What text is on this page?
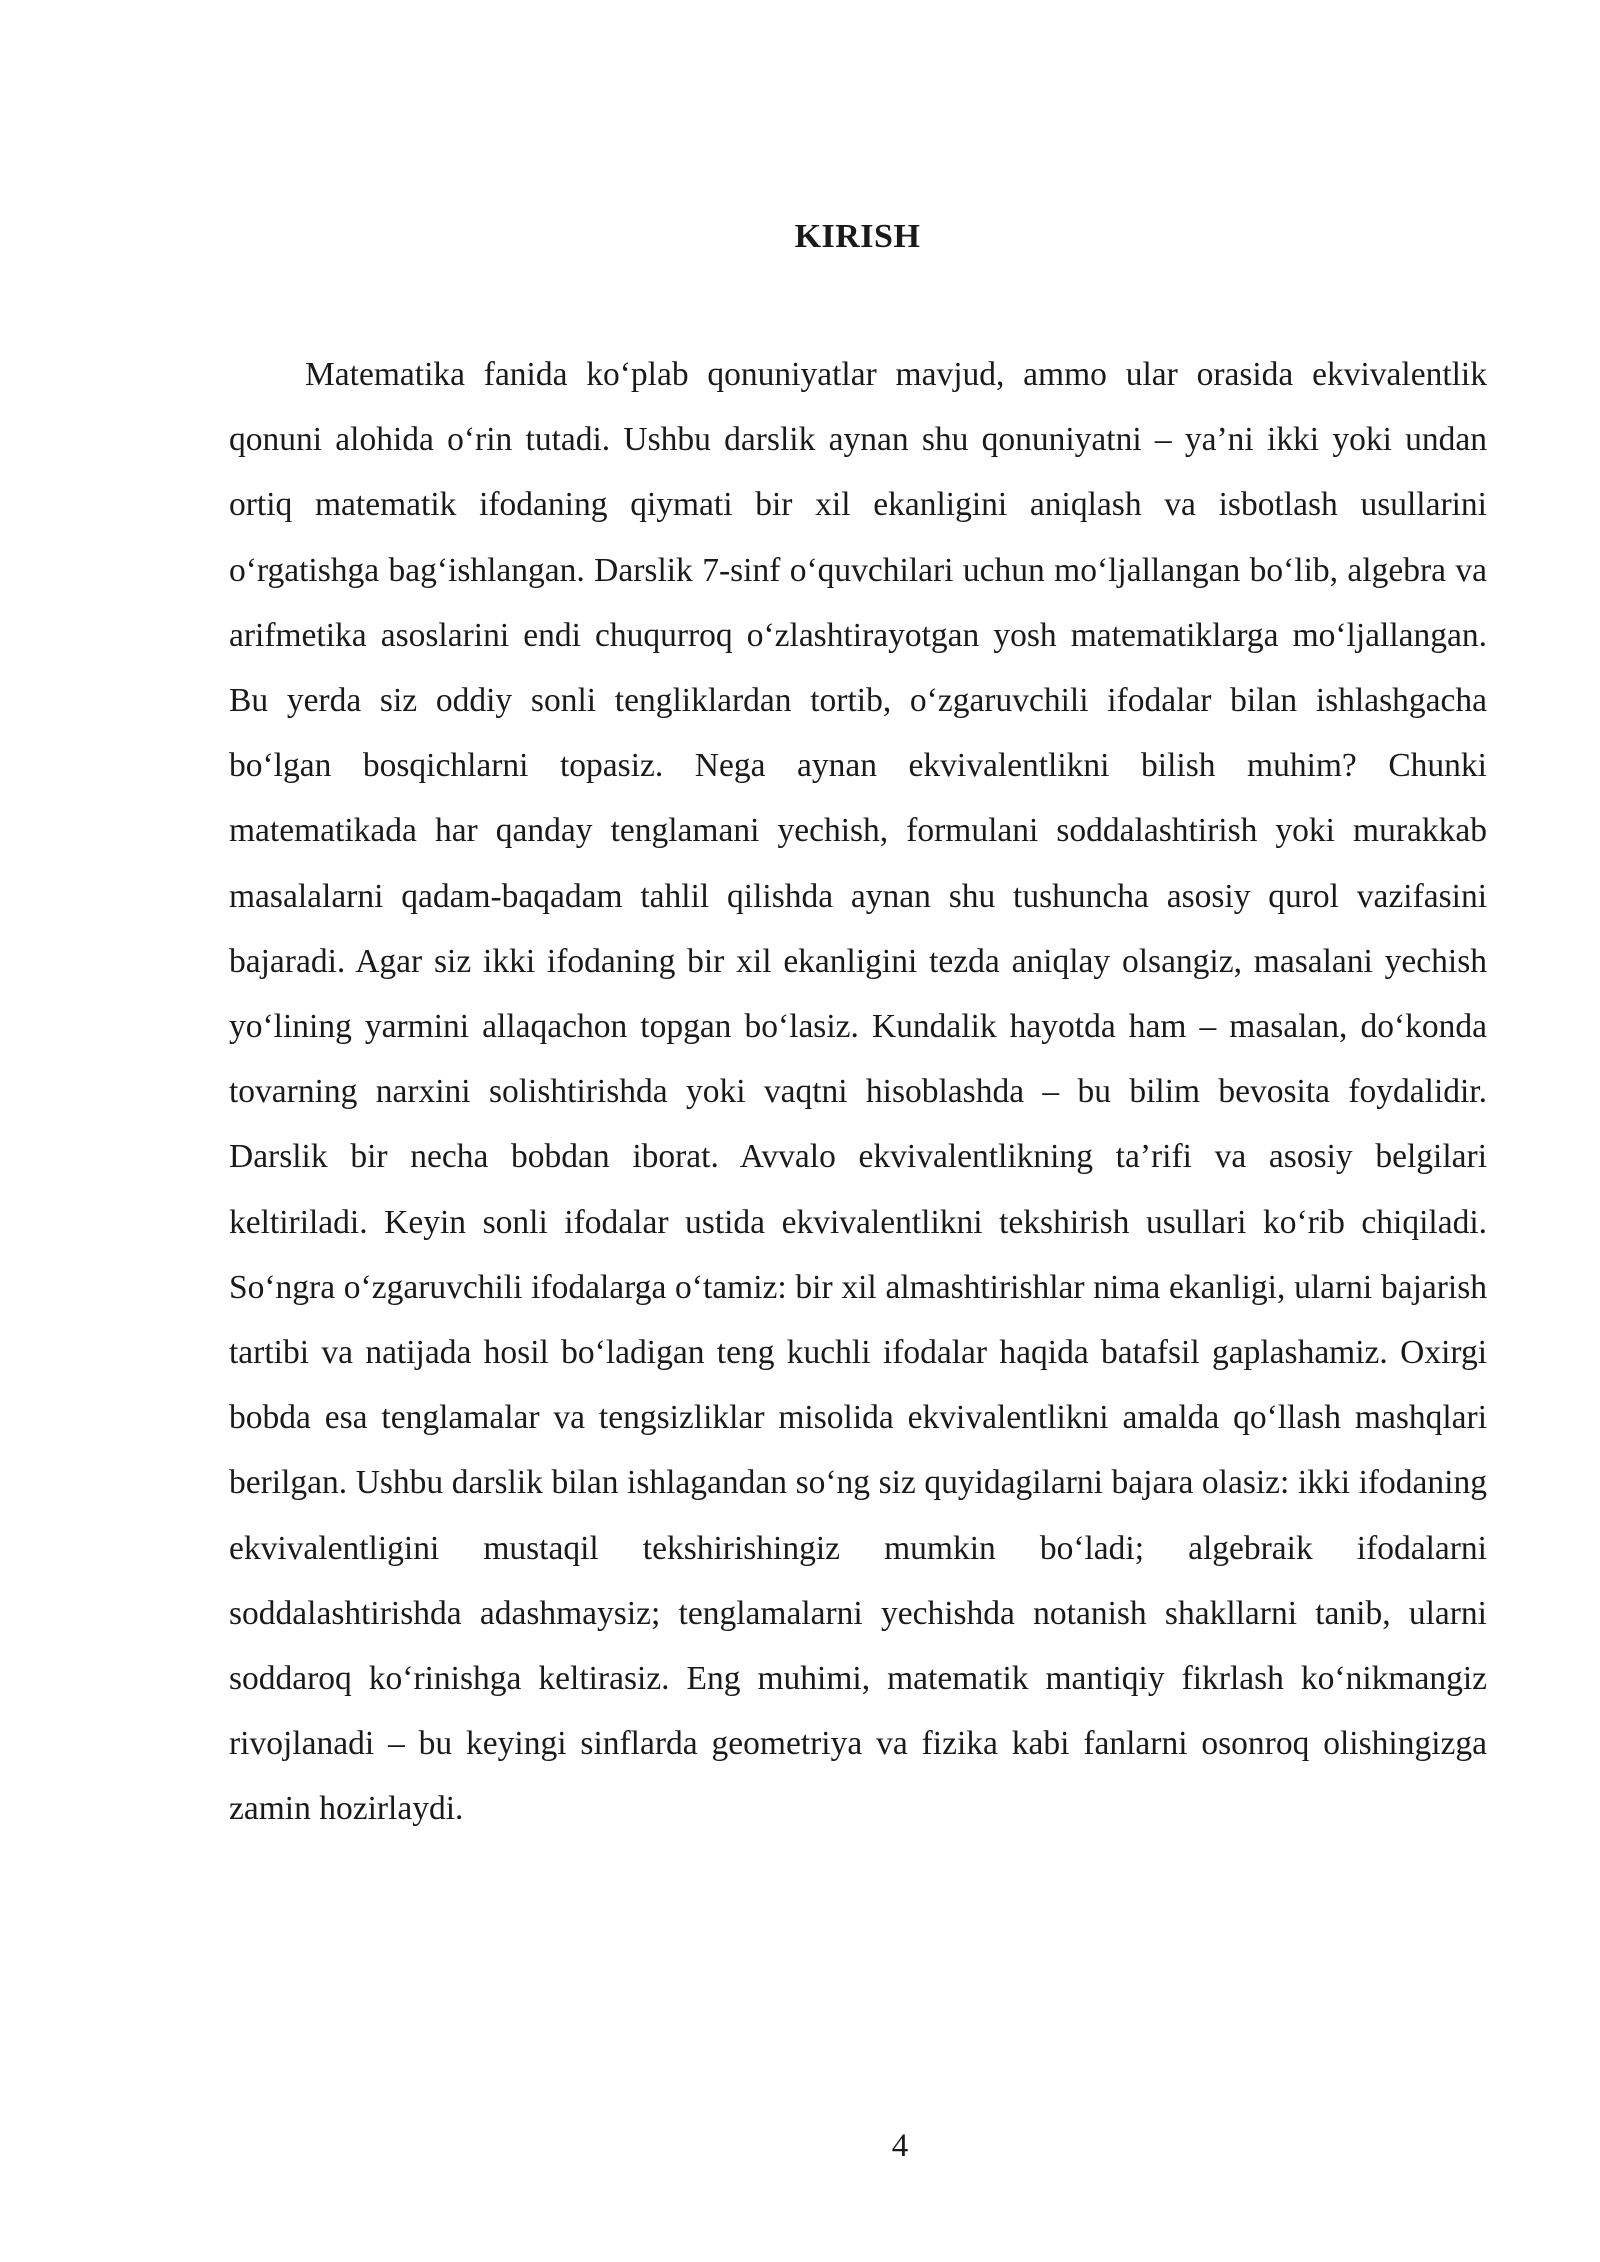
KIRISH

Matematika fanida ko‘plab qonuniyatlar mavjud, ammo ular orasida ekvivalentlik qonuni alohida o‘rin tutadi. Ushbu darslik aynan shu qonuniyatni – ya’ni ikki yoki undan ortiq matematik ifodaning qiymati bir xil ekanligini aniqlash va isbotlash usullarini o‘rgatishga bag‘ishlangan. Darslik 7-sinf o‘quvchilari uchun mo‘ljallangan bo‘lib, algebra va arifmetika asoslarini endi chuqurroq o‘zlashtirayotgan yosh matematiklarga mo‘ljallangan. Bu yerda siz oddiy sonli tengliklardan tortib, o‘zgaruvchili ifodalar bilan ishlashgacha bo‘lgan bosqichlarni topasiz. Nega aynan ekvivalentlikni bilish muhim? Chunki matematikada har qanday tenglamani yechish, formulani soddalashtirish yoki murakkab masalalarni qadam-baqadam tahlil qilishda aynan shu tushuncha asosiy qurol vazifasini bajaradi. Agar siz ikki ifodaning bir xil ekanligini tezda aniqlay olsangiz, masalani yechish yo‘lining yarmini allaqachon topgan bo‘lasiz. Kundalik hayotda ham – masalan, do‘konda tovarning narxini solishtirishda yoki vaqtni hisoblashda – bu bilim bevosita foydalidir. Darslik bir necha bobdan iborat. Avvalo ekvivalentlikning ta’rifi va asosiy belgilari keltiriladi. Keyin sonli ifodalar ustida ekvivalentlikni tekshirish usullari ko‘rib chiqiladi. So‘ngra o‘zgaruvchili ifodalarga o‘tamiz: bir xil almashtirishlar nima ekanligi, ularni bajarish tartibi va natijada hosil bo‘ladigan teng kuchli ifodalar haqida batafsil gaplashamiz. Oxirgi bobda esa tenglamalar va tengsizliklar misolida ekvivalentlikni amalda qo‘llash mashqlari berilgan. Ushbu darslik bilan ishlagandan so‘ng siz quyidagilarni bajara olasiz: ikki ifodaning ekvivalentligini mustaqil tekshirishingiz mumkin bo‘ladi; algebraik ifodalarni soddalashtirishda adashmaysiz; tenglamalarni yechishda notanish shakllarni tanib, ularni soddaroq ko‘rinishga keltirasiz. Eng muhimi, matematik mantiqiy fikrlash ko‘nikmangiz rivojlanadi – bu keyingi sinflarda geometriya va fizika kabi fanlarni osonroq olishingizga zamin hozirlaydi.

4
